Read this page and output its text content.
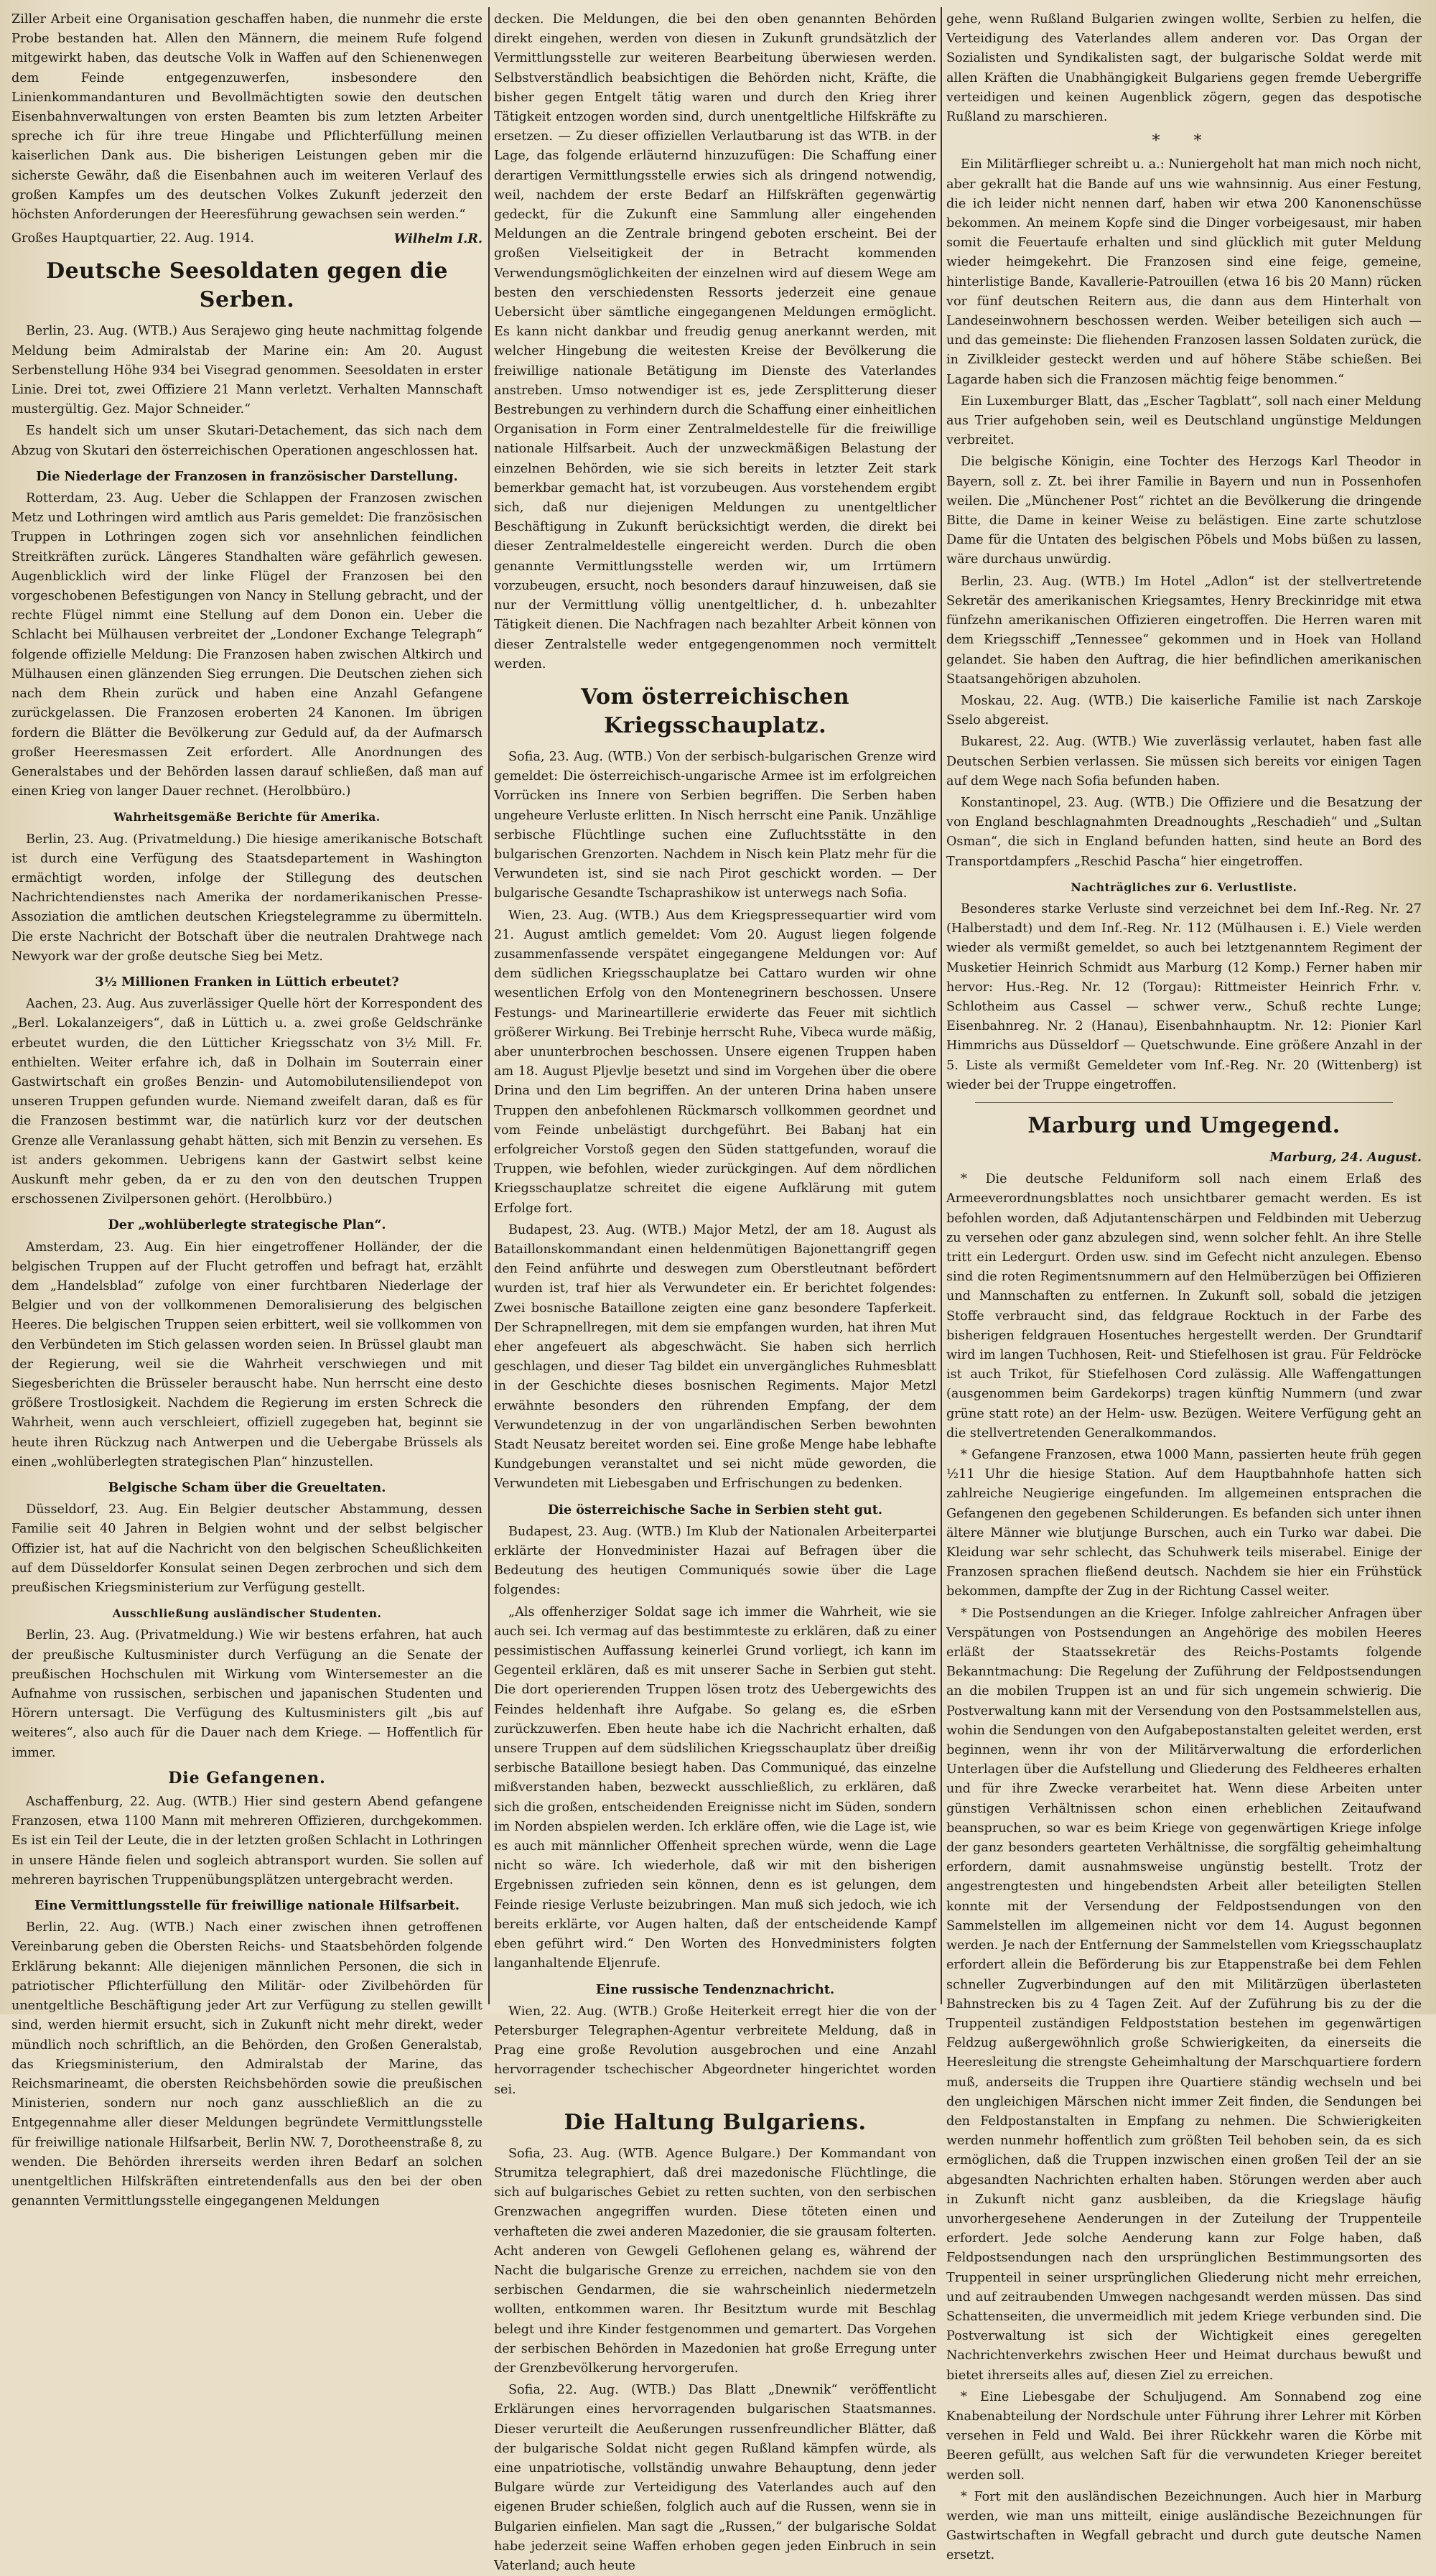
Ziller Arbeit eine Organisation geschaffen haben, die nunmehr die erste Probe bestanden hat. Allen den Männern, die meinem Rufe folgend mitgewirkt haben, das deutsche Volk in Waffen auf den Schienenwegen dem Feinde entgegenzuwerfen, insbesondere den Linienkommandanturen und Bevollmächtigten sowie den deutschen Eisenbahnverwaltungen von ersten Beamten bis zum letzten Arbeiter spreche ich für ihre treue Hingabe und Pflichterfüllung meinen kaiserlichen Dank aus. Die bisherigen Leistungen geben mir die sicherste Gewähr, daß die Eisenbahnen auch im weiteren Verlauf des großen Kampfes um des deutschen Volkes Zukunft jederzeit den höchsten Anforderungen der Heeresführung gewachsen sein werden.“

Großes Hauptquartier, 22. Aug. 1914.	Wilhelm I.R.
Deutsche Seesoldaten gegen die Serben.

Berlin, 23. Aug. (WTB.) Aus Serajewo ging heute nachmittag folgende Meldung beim Admiralstab der Marine ein: Am 20. August Serbenstellung Höhe 934 bei Visegrad genommen. Seesoldaten in erster Linie. Drei tot, zwei Offiziere 21 Mann verletzt. Verhalten Mannschaft mustergültig. Gez. Major Schneider.“

Es handelt sich um unser Skutari-Detachement, das sich nach dem Abzug von Skutari den österreichischen Operationen angeschlossen hat.

Die Niederlage der Franzosen in französischer Darstellung.

Rotterdam, 23. Aug. Ueber die Schlappen der Franzosen zwischen Metz und Lothringen wird amtlich aus Paris gemeldet: Die französischen Truppen in Lothringen zogen sich vor ansehnlichen feindlichen Streitkräften zurück. Längeres Standhalten wäre gefährlich gewesen. Augenblicklich wird der linke Flügel der Franzosen bei den vorgeschobenen Befestigungen von Nancy in Stellung gebracht, und der rechte Flügel nimmt eine Stellung auf dem Donon ein. Ueber die Schlacht bei Mülhausen verbreitet der „Londoner Exchange Telegraph“ folgende offizielle Meldung: Die Franzosen haben zwischen Altkirch und Mülhausen einen glänzenden Sieg errungen. Die Deutschen ziehen sich nach dem Rhein zurück und haben eine Anzahl Gefangene zurückgelassen. Die Franzosen eroberten 24 Kanonen. Im übrigen fordern die Blätter die Bevölkerung zur Geduld auf, da der Aufmarsch großer Heeresmassen Zeit erfordert. Alle Anordnungen des Generalstabes und der Behörden lassen darauf schließen, daß man auf einen Krieg von langer Dauer rechnet. (Herolbbüro.)

Wahrheitsgemäße Berichte für Amerika.

Berlin, 23. Aug. (Privatmeldung.) Die hiesige amerikanische Botschaft ist durch eine Verfügung des Staatsdepartement in Washington ermächtigt worden, infolge der Stillegung des deutschen Nachrichtendienstes nach Amerika der nordamerikanischen Presse-Assoziation die amtlichen deutschen Kriegstelegramme zu übermitteln. Die erste Nachricht der Botschaft über die neutralen Drahtwege nach Newyork war der große deutsche Sieg bei Metz.

3½ Millionen Franken in Lüttich erbeutet?

Aachen, 23. Aug. Aus zuverlässiger Quelle hört der Korrespondent des „Berl. Lokalanzeigers“, daß in Lüttich u. a. zwei große Geldschränke erbeutet wurden, die den Lütticher Kriegsschatz von 3½ Mill. Fr. enthielten. Weiter erfahre ich, daß in Dolhain im Souterrain einer Gastwirtschaft ein großes Benzin- und Automobilutensiliendepot von unseren Truppen gefunden wurde. Niemand zweifelt daran, daß es für die Franzosen bestimmt war, die natürlich kurz vor der deutschen Grenze alle Veranlassung gehabt hätten, sich mit Benzin zu versehen. Es ist anders gekommen. Uebrigens kann der Gastwirt selbst keine Auskunft mehr geben, da er zu den von den deutschen Truppen erschossenen Zivilpersonen gehört. (Herolbbüro.)

Der „wohlüberlegte strategische Plan“.

Amsterdam, 23. Aug. Ein hier eingetroffener Holländer, der die belgischen Truppen auf der Flucht getroffen und befragt hat, erzählt dem „Handelsblad“ zufolge von einer furchtbaren Niederlage der Belgier und von der vollkommenen Demoralisierung des belgischen Heeres. Die belgischen Truppen seien erbittert, weil sie vollkommen von den Verbündeten im Stich gelassen worden seien. In Brüssel glaubt man der Regierung, weil sie die Wahrheit verschwiegen und mit Siegesberichten die Brüsseler berauscht habe. Nun herrscht eine desto größere Trostlosigkeit. Nachdem die Regierung im ersten Schreck die Wahrheit, wenn auch verschleiert, offiziell zugegeben hat, beginnt sie heute ihren Rückzug nach Antwerpen und die Uebergabe Brüssels als einen „wohlüberlegten strategischen Plan“ hinzustellen.

Belgische Scham über die Greueltaten.

Düsseldorf, 23. Aug. Ein Belgier deutscher Abstammung, dessen Familie seit 40 Jahren in Belgien wohnt und der selbst belgischer Offizier ist, hat auf die Nachricht von den belgischen Scheußlichkeiten auf dem Düsseldorfer Konsulat seinen Degen zerbrochen und sich dem preußischen Kriegsministerium zur Verfügung gestellt.

Ausschließung ausländischer Studenten.

Berlin, 23. Aug. (Privatmeldung.) Wie wir bestens erfahren, hat auch der preußische Kultusminister durch Verfügung an die Senate der preußischen Hochschulen mit Wirkung vom Wintersemester an die Aufnahme von russischen, serbischen und japanischen Studenten und Hörern untersagt. Die Verfügung des Kultusministers gilt „bis auf weiteres“, also auch für die Dauer nach dem Kriege. — Hoffentlich für immer.

Die Gefangenen.

Aschaffenburg, 22. Aug. (WTB.) Hier sind gestern Abend gefangene Franzosen, etwa 1100 Mann mit mehreren Offizieren, durchgekommen. Es ist ein Teil der Leute, die in der letzten großen Schlacht in Lothringen in unsere Hände fielen und sogleich abtransport wurden. Sie sollen auf mehreren bayrischen Truppenübungsplätzen untergebracht werden.

Eine Vermittlungsstelle für freiwillige nationale Hilfsarbeit.

Berlin, 22. Aug. (WTB.) Nach einer zwischen ihnen getroffenen Vereinbarung geben die Obersten Reichs- und Staatsbehörden folgende Erklärung bekannt: Alle diejenigen männlichen Personen, die sich in patriotischer Pflichterfüllung den Militär- oder Zivilbehörden für unentgeltliche Beschäftigung jeder Art zur Verfügung zu stellen gewillt sind, werden hiermit ersucht, sich in Zukunft nicht mehr direkt, weder mündlich noch schriftlich, an die Behörden, den Großen Generalstab, das Kriegsministerium, den Admiralstab der Marine, das Reichsmarineamt, die obersten Reichsbehörden sowie die preußischen Ministerien, sondern nur noch ganz ausschließlich an die zu Entgegennahme aller dieser Meldungen begründete Vermittlungsstelle für freiwillige nationale Hilfsarbeit, Berlin NW. 7, Dorotheenstraße 8, zu wenden. Die Behörden ihrerseits werden ihren Bedarf an solchen unentgeltlichen Hilfskräften eintretendenfalls aus den bei der oben genannten Vermittlungsstelle eingegangenen Meldungen

decken. Die Meldungen, die bei den oben genannten Behörden direkt eingehen, werden von diesen in Zukunft grundsätzlich der Vermittlungsstelle zur weiteren Bearbeitung überwiesen werden. Selbstverständlich beabsichtigen die Behörden nicht, Kräfte, die bisher gegen Entgelt tätig waren und durch den Krieg ihrer Tätigkeit entzogen worden sind, durch unentgeltliche Hilfskräfte zu ersetzen. — Zu dieser offiziellen Verlautbarung ist das WTB. in der Lage, das folgende erläuternd hinzuzufügen: Die Schaffung einer derartigen Vermittlungsstelle erwies sich als dringend notwendig, weil, nachdem der erste Bedarf an Hilfskräften gegenwärtig gedeckt, für die Zukunft eine Sammlung aller eingehenden Meldungen an die Zentrale bringend geboten erscheint. Bei der großen Vielseitigkeit der in Betracht kommenden Verwendungsmöglichkeiten der einzelnen wird auf diesem Wege am besten den verschiedensten Ressorts jederzeit eine genaue Uebersicht über sämtliche eingegangenen Meldungen ermöglicht. Es kann nicht dankbar und freudig genug anerkannt werden, mit welcher Hingebung die weitesten Kreise der Bevölkerung die freiwillige nationale Betätigung im Dienste des Vaterlandes anstreben. Umso notwendiger ist es, jede Zersplitterung dieser Bestrebungen zu verhindern durch die Schaffung einer einheitlichen Organisation in Form einer Zentralmeldestelle für die freiwillige nationale Hilfsarbeit. Auch der unzweckmäßigen Belastung der einzelnen Behörden, wie sie sich bereits in letzter Zeit stark bemerkbar gemacht hat, ist vorzubeugen. Aus vorstehendem ergibt sich, daß nur diejenigen Meldungen zu unentgeltlicher Beschäftigung in Zukunft berücksichtigt werden, die direkt bei dieser Zentralmeldestelle eingereicht werden. Durch die oben genannte Vermittlungsstelle werden wir, um Irrtümern vorzubeugen, ersucht, noch besonders darauf hinzuweisen, daß sie nur der Vermittlung völlig unentgeltlicher, d. h. unbezahlter Tätigkeit dienen. Die Nachfragen nach bezahlter Arbeit können von dieser Zentralstelle weder entgegengenommen noch vermittelt werden.

Vom österreichischen Kriegsschauplatz.

Sofia, 23. Aug. (WTB.) Von der serbisch-bulgarischen Grenze wird gemeldet: Die österreichisch-ungarische Armee ist im erfolgreichen Vorrücken ins Innere von Serbien begriffen. Die Serben haben ungeheure Verluste erlitten. In Nisch herrscht eine Panik. Unzählige serbische Flüchtlinge suchen eine Zufluchtsstätte in den bulgarischen Grenzorten. Nachdem in Nisch kein Platz mehr für die Verwundeten ist, sind sie nach Pirot geschickt worden. — Der bulgarische Gesandte Tschaprashikow ist unterwegs nach Sofia.

Wien, 23. Aug. (WTB.) Aus dem Kriegspressequartier wird vom 21. August amtlich gemeldet: Vom 20. August liegen folgende zusammenfassende verspätet eingegangene Meldungen vor: Auf dem südlichen Kriegsschauplatze bei Cattaro wurden wir ohne wesentlichen Erfolg von den Montenegrinern beschossen. Unsere Festungs- und Marineartillerie erwiderte das Feuer mit sichtlich größerer Wirkung. Bei Trebinje herrscht Ruhe, Vibeca wurde mäßig, aber ununterbrochen beschossen. Unsere eigenen Truppen haben am 18. August Pljevlje besetzt und sind im Vorgehen über die obere Drina und den Lim begriffen. An der unteren Drina haben unsere Truppen den anbefohlenen Rückmarsch vollkommen geordnet und vom Feinde unbelästigt durchgeführt. Bei Babanj hat ein erfolgreicher Vorstoß gegen den Süden stattgefunden, worauf die Truppen, wie befohlen, wieder zurückgingen. Auf dem nördlichen Kriegsschauplatze schreitet die eigene Aufklärung mit gutem Erfolge fort.

Budapest, 23. Aug. (WTB.) Major Metzl, der am 18. August als Bataillonskommandant einen heldenmütigen Bajonettangriff gegen den Feind anführte und deswegen zum Oberstleutnant befördert wurden ist, traf hier als Verwundeter ein. Er berichtet folgendes: Zwei bosnische Bataillone zeigten eine ganz besondere Tapferkeit. Der Schrapnellregen, mit dem sie empfangen wurden, hat ihren Mut eher angefeuert als abgeschwächt. Sie haben sich herrlich geschlagen, und dieser Tag bildet ein unvergängliches Ruhmesblatt in der Geschichte dieses bosnischen Regiments. Major Metzl erwähnte besonders den rührenden Empfang, der dem Verwundetenzug in der von ungarländischen Serben bewohnten Stadt Neusatz bereitet worden sei. Eine große Menge habe lebhafte Kundgebungen veranstaltet und sei nicht müde geworden, die Verwundeten mit Liebesgaben und Erfrischungen zu bedenken.

Die österreichische Sache in Serbien steht gut.

Budapest, 23. Aug. (WTB.) Im Klub der Nationalen Arbeiterpartei erklärte der Honvedminister Hazai auf Befragen über die Bedeutung des heutigen Communiqués sowie über die Lage folgendes:

„Als offenherziger Soldat sage ich immer die Wahrheit, wie sie auch sei. Ich vermag auf das bestimmteste zu erklären, daß zu einer pessimistischen Auffassung keinerlei Grund vorliegt, ich kann im Gegenteil erklären, daß es mit unserer Sache in Serbien gut steht. Die dort operierenden Truppen lösen trotz des Uebergewichts des Feindes heldenhaft ihre Aufgabe. So gelang es, die eSrben zurückzuwerfen. Eben heute habe ich die Nachricht erhalten, daß unsere Truppen auf dem südslilichen Kriegsschauplatz über dreißig serbische Bataillone besiegt haben. Das Communiqué, das einzelne mißverstanden haben, bezweckt ausschließlich, zu erklären, daß sich die großen, entscheidenden Ereignisse nicht im Süden, sondern im Norden abspielen werden. Ich erkläre offen, wie die Lage ist, wie es auch mit männlicher Offenheit sprechen würde, wenn die Lage nicht so wäre. Ich wiederhole, daß wir mit den bisherigen Ergebnissen zufrieden sein können, denn es ist gelungen, dem Feinde riesige Verluste beizubringen. Man muß sich jedoch, wie ich bereits erklärte, vor Augen halten, daß der entscheidende Kampf eben geführt wird.“ Den Worten des Honvedministers folgten langanhaltende Eljenrufe.

Eine russische Tendenznachricht.

Wien, 22. Aug. (WTB.) Große Heiterkeit erregt hier die von der Petersburger Telegraphen-Agentur verbreitete Meldung, daß in Prag eine große Revolution ausgebrochen und eine Anzahl hervorragender tschechischer Abgeordneter hingerichtet worden sei.

Die Haltung Bulgariens.

Sofia, 23. Aug. (WTB. Agence Bulgare.) Der Kommandant von Strumitza telegraphiert, daß drei mazedonische Flüchtlinge, die sich auf bulgarisches Gebiet zu retten suchten, von den serbischen Grenzwachen angegriffen wurden. Diese töteten einen und verhafteten die zwei anderen Mazedonier, die sie grausam folterten. Acht anderen von Gewgeli Geflohenen gelang es, während der Nacht die bulgarische Grenze zu erreichen, nachdem sie von den serbischen Gendarmen, die sie wahrscheinlich niedermetzeln wollten, entkommen waren. Ihr Besitztum wurde mit Beschlag belegt und ihre Kinder festgenommen und gemartert. Das Vorgehen der serbischen Behörden in Mazedonien hat große Erregung unter der Grenzbevölkerung hervorgerufen.

Sofia, 22. Aug. (WTB.) Das Blatt „Dnewnik“ veröffentlicht Erklärungen eines hervorragenden bulgarischen Staatsmannes. Dieser verurteilt die Aeußerungen russenfreundlicher Blätter, daß der bulgarische Soldat nicht gegen Rußland kämpfen würde, als eine unpatriotische, vollständig unwahre Behauptung, denn jeder Bulgare würde zur Verteidigung des Vaterlandes auch auf den eigenen Bruder schießen, folglich auch auf die Russen, wenn sie in Bulgarien einfielen. Man sagt die „Russen,“ der bulgarische Soldat habe jederzeit seine Waffen erhoben gegen jeden Einbruch in sein Vaterland; auch heute

gehe, wenn Rußland Bulgarien zwingen wollte, Serbien zu helfen, die Verteidigung des Vaterlandes allem anderen vor. Das Organ der Sozialisten und Syndikalisten sagt, der bulgarische Soldat werde mit allen Kräften die Unabhängigkeit Bulgariens gegen fremde Uebergriffe verteidigen und keinen Augenblick zögern, gegen das despotische Rußland zu marschieren.

* *

Ein Militärflieger schreibt u. a.: Nuniergeholt hat man mich noch nicht, aber gekrallt hat die Bande auf uns wie wahnsinnig. Aus einer Festung, die ich leider nicht nennen darf, haben wir etwa 200 Kanonenschüsse bekommen. An meinem Kopfe sind die Dinger vorbeigesaust, mir haben somit die Feuertaufe erhalten und sind glücklich mit guter Meldung wieder heimgekehrt. Die Franzosen sind eine feige, gemeine, hinterlistige Bande, Kavallerie-Patrouillen (etwa 16 bis 20 Mann) rücken vor fünf deutschen Reitern aus, die dann aus dem Hinterhalt von Landeseinwohnern beschossen werden. Weiber beteiligen sich auch — und das gemeinste: Die fliehenden Franzosen lassen Soldaten zurück, die in Zivilkleider gesteckt werden und auf höhere Stäbe schießen. Bei Lagarde haben sich die Franzosen mächtig feige benommen.“

Ein Luxemburger Blatt, das „Escher Tagblatt“, soll nach einer Meldung aus Trier aufgehoben sein, weil es Deutschland ungünstige Meldungen verbreitet.

Die belgische Königin, eine Tochter des Herzogs Karl Theodor in Bayern, soll z. Zt. bei ihrer Familie in Bayern und nun in Possenhofen weilen. Die „Münchener Post“ richtet an die Bevölkerung die dringende Bitte, die Dame in keiner Weise zu belästigen. Eine zarte schutzlose Dame für die Untaten des belgischen Pöbels und Mobs büßen zu lassen, wäre durchaus unwürdig.

Berlin, 23. Aug. (WTB.) Im Hotel „Adlon“ ist der stellvertretende Sekretär des amerikanischen Kriegsamtes, Henry Breckinridge mit etwa fünfzehn amerikanischen Offizieren eingetroffen. Die Herren waren mit dem Kriegsschiff „Tennessee“ gekommen und in Hoek van Holland gelandet. Sie haben den Auftrag, die hier befindlichen amerikanischen Staatsangehörigen abzuholen.

Moskau, 22. Aug. (WTB.) Die kaiserliche Familie ist nach Zarskoje Sselo abgereist.

Bukarest, 22. Aug. (WTB.) Wie zuverlässig verlautet, haben fast alle Deutschen Serbien verlassen. Sie müssen sich bereits vor einigen Tagen auf dem Wege nach Sofia befunden haben.

Konstantinopel, 23. Aug. (WTB.) Die Offiziere und die Besatzung der von England beschlagnahmten Dreadnoughts „Reschadieh“ und „Sultan Osman“, die sich in England befunden hatten, sind heute an Bord des Transportdampfers „Reschid Pascha“ hier eingetroffen.

Nachträgliches zur 6. Verlustliste.

Besonderes starke Verluste sind verzeichnet bei dem Inf.-Reg. Nr. 27 (Halberstadt) und dem Inf.-Reg. Nr. 112 (Mülhausen i. E.) Viele werden wieder als vermißt gemeldet, so auch bei letztgenanntem Regiment der Musketier Heinrich Schmidt aus Marburg (12 Komp.) Ferner haben mir hervor: Hus.-Reg. Nr. 12 (Torgau): Rittmeister Heinrich Frhr. v. Schlotheim aus Cassel — schwer verw., Schuß rechte Lunge; Eisenbahnreg. Nr. 2 (Hanau), Eisenbahnhauptm. Nr. 12: Pionier Karl Himmrichs aus Düsseldorf — Quetschwunde. Eine größere Anzahl in der 5. Liste als vermißt Gemeldeter vom Inf.-Reg. Nr. 20 (Wittenberg) ist wieder bei der Truppe eingetroffen.

Marburg und Umgegend.
Marburg, 24. August.

* Die deutsche Felduniform soll nach einem Erlaß des Armeeverordnungsblattes noch unsichtbarer gemacht werden. Es ist befohlen worden, daß Adjutantenschärpen und Feldbinden mit Ueberzug zu versehen oder ganz abzulegen sind, wenn solcher fehlt. An ihre Stelle tritt ein Ledergurt. Orden usw. sind im Gefecht nicht anzulegen. Ebenso sind die roten Regimentsnummern auf den Helmüberzügen bei Offizieren und Mannschaften zu entfernen. In Zukunft soll, sobald die jetzigen Stoffe verbraucht sind, das feldgraue Rocktuch in der Farbe des bisherigen feldgrauen Hosentuches hergestellt werden. Der Grundtarif wird im langen Tuchhosen, Reit- und Stiefelhosen ist grau. Für Feldröcke ist auch Trikot, für Stiefelhosen Cord zulässig. Alle Waffengattungen (ausgenommen beim Gardekorps) tragen künftig Nummern (und zwar grüne statt rote) an der Helm- usw. Bezügen. Weitere Verfügung geht an die stellvertretenden Generalkommandos.

* Gefangene Franzosen, etwa 1000 Mann, passierten heute früh gegen ½11 Uhr die hiesige Station. Auf dem Hauptbahnhofe hatten sich zahlreiche Neugierige eingefunden. Im allgemeinen entsprachen die Gefangenen den gegebenen Schilderungen. Es befanden sich unter ihnen ältere Männer wie blutjunge Burschen, auch ein Turko war dabei. Die Kleidung war sehr schlecht, das Schuhwerk teils miserabel. Einige der Franzosen sprachen fließend deutsch. Nachdem sie hier ein Frühstück bekommen, dampfte der Zug in der Richtung Cassel weiter.

* Die Postsendungen an die Krieger. Infolge zahlreicher Anfragen über Verspätungen von Postsendungen an Angehörige des mobilen Heeres erläßt der Staatssekretär des Reichs-Postamts folgende Bekanntmachung: Die Regelung der Zuführung der Feldpostsendungen an die mobilen Truppen ist an und für sich ungemein schwierig. Die Postverwaltung kann mit der Versendung von den Postsammelstellen aus, wohin die Sendungen von den Aufgabepostanstalten geleitet werden, erst beginnen, wenn ihr von der Militärverwaltung die erforderlichen Unterlagen über die Aufstellung und Gliederung des Feldheeres erhalten und für ihre Zwecke verarbeitet hat. Wenn diese Arbeiten unter günstigen Verhältnissen schon einen erheblichen Zeitaufwand beanspruchen, so war es beim Kriege von gegenwärtigen Kriege infolge der ganz besonders gearteten Verhältnisse, die sorgfältig geheimhaltung erfordern, damit ausnahmsweise ungünstig bestellt. Trotz der angestrengtesten und hingebendsten Arbeit aller beteiligten Stellen konnte mit der Versendung der Feldpostsendungen von den Sammelstellen im allgemeinen nicht vor dem 14. August begonnen werden. Je nach der Entfernung der Sammelstellen vom Kriegsschauplatz erfordert allein die Beförderung bis zur Etappenstraße bei dem Fehlen schneller Zugverbindungen auf den mit Militärzügen überlasteten Bahnstrecken bis zu 4 Tagen Zeit. Auf der Zuführung bis zu der die Truppenteil zuständigen Feldpoststation bestehen im gegenwärtigen Feldzug außergewöhnlich große Schwierigkeiten, da einerseits die Heeresleitung die strengste Geheimhaltung der Marschquartiere fordern muß, anderseits die Truppen ihre Quartiere ständig wechseln und bei den ungleichigen Märschen nicht immer Zeit finden, die Sendungen bei den Feldpostanstalten in Empfang zu nehmen. Die Schwierigkeiten werden nunmehr hoffentlich zum größten Teil behoben sein, da es sich ermöglichen, daß die Truppen inzwischen einen großen Teil der an sie abgesandten Nachrichten erhalten haben. Störungen werden aber auch in Zukunft nicht ganz ausbleiben, da die Kriegslage häufig unvorhergesehene Aenderungen in der Zuteilung der Truppenteile erfordert. Jede solche Aenderung kann zur Folge haben, daß Feldpostsendungen nach den ursprünglichen Bestimmungsorten des Truppenteil in seiner ursprünglichen Gliederung nicht mehr erreichen, und auf zeitraubenden Umwegen nachgesandt werden müssen. Das sind Schattenseiten, die unvermeidlich mit jedem Kriege verbunden sind. Die Postverwaltung ist sich der Wichtigkeit eines geregelten Nachrichtenverkehrs zwischen Heer und Heimat durchaus bewußt und bietet ihrerseits alles auf, diesen Ziel zu erreichen.

* Eine Liebesgabe der Schuljugend. Am Sonnabend zog eine Knabenabteilung der Nordschule unter Führung ihrer Lehrer mit Körben versehen in Feld und Wald. Bei ihrer Rückkehr waren die Körbe mit Beeren gefüllt, aus welchen Saft für die verwundeten Krieger bereitet werden soll.

* Fort mit den ausländischen Bezeichnungen. Auch hier in Marburg werden, wie man uns mitteilt, einige ausländische Bezeichnungen für Gastwirtschaften in Wegfall gebracht und durch gute deutsche Namen ersetzt.
